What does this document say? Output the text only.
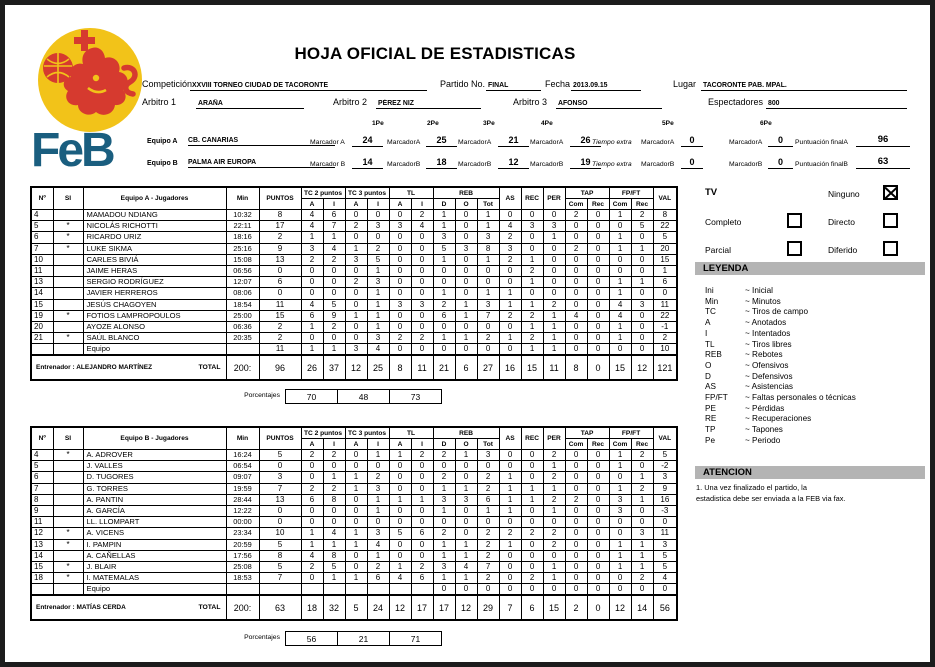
FeB
HOJA OFICIAL DE ESTADISTICAS
TV
LEYENDA
ATENCION
Nº	SI	Equipo A - Jugadores	Min	PUNTOS	TC 2 puntos		TC 3 puntos		TL		REB			AS	REC	PER	TAP		FP/FT		VAL
					A	I	A	I	A	I	D	O	Tot				Com	Rec	Com	Rec	
4		MAMADOU NDIANG	10:32	8	4	6	0	0	0	2	1	0	1	0	0	0	2	0	1	2	8
5	*	NICOLÁS RICHOTTI	22:11	17	4	7	2	3	3	4	1	0	1	4	3	3	0	0	0	5	22
6	*	RICARDO URIZ	18:16	2	1	1	0	0	0	0	3	0	3	2	0	1	0	0	1	0	5
7	*	LUKE SIKMA	25:16	9	3	4	1	2	0	0	5	3	8	3	0	0	2	0	1	1	20
10		CARLES BIVIÁ	15:08	13	2	2	3	5	0	0	1	0	1	2	1	0	0	0	0	0	15
11		JAIME HERAS	06:56	0	0	0	0	1	0	0	0	0	0	0	2	0	0	0	0	0	1
13		SERGIO RODRÍGUEZ	12:07	6	0	0	2	3	0	0	0	0	0	0	1	0	0	0	1	1	6
14		JAVIER HERREROS	08:06	0	0	0	0	1	0	0	1	0	1	1	0	0	0	0	1	0	0
15		JESÚS CHAGOYEN	18:54	11	4	5	0	1	3	3	2	1	3	1	1	2	0	0	4	3	11
19	*	FOTIOS LAMPROPOULOS	25:00	15	6	9	1	1	0	0	6	1	7	2	2	1	4	0	4	0	22
20		AYOZE ALONSO	06:36	2	1	2	0	1	0	0	0	0	0	0	1	1	0	0	1	0	-1
21	*	SAÚL BLANCO	20:35	2	0	0	0	3	2	2	1	1	2	1	2	1	0	0	1	0	2
		Equipo		11	1	1	3	4	0	0	0	0	0	0	1	1	0	0	0	0	10

Entrenador : ALEJANDRO MARTÍNEZ TOTAL			200:	96	26	37	12	25	8	11	21	6	27	16	15	11	8	0	15	12	121
Nº	SI	Equipo B - Jugadores	Min	PUNTOS	TC 2 puntos		TC 3 puntos		TL		REB			AS	REC	PER	TAP		FP/FT		VAL
					A	I	A	I	A	I	D	O	Tot				Com	Rec	Com	Rec	
4	*	A. ADROVER	16:24	5	2	2	0	1	1	2	2	1	3	0	0	2	0	0	1	2	5
5		J. VALLES	06:54	0	0	0	0	0	0	0	0	0	0	0	0	1	0	0	1	0	-2
6		D. TUGORES	09:07	3	0	1	1	2	0	0	2	0	2	1	0	2	0	0	0	1	3
7		G. TORRES	19:59	7	2	2	1	3	0	0	1	1	2	1	1	1	0	0	1	2	9
8		A. PANTIN	28:44	13	6	8	0	1	1	1	3	3	6	1	1	2	2	0	3	1	16
9		A. GARCÍA	12:22	0	0	0	0	1	0	0	1	0	1	1	0	1	0	0	3	0	-3
11		LL. LLOMPART	00:00	0	0	0	0	0	0	0	0	0	0	0	0	0	0	0	0	0	0
12	*	A. VICENS	23:34	10	1	4	1	3	5	6	2	0	2	2	2	2	0	0	0	3	11
13	*	I. PAMPIN	20:59	5	1	1	1	4	0	0	1	1	2	1	0	2	0	0	1	1	3
14		A. CAÑELLAS	17:56	8	4	8	0	1	0	0	1	1	2	0	0	0	0	0	1	1	5
15	*	J. BLAIR	25:08	5	2	5	0	2	1	2	3	4	7	0	0	1	0	0	1	1	5
18	*	I. MATEMALAS	18:53	7	0	1	1	6	4	6	1	1	2	0	2	1	0	0	0	2	4
		Equipo									0	0	0	0	0	0	0	0	0	0	0

Entrenador : MATÍAS CERDA TOTAL			200:	63	18	32	5	24	12	17	17	12	29	7	6	15	2	0	12	14	56
Competición XXVIII TORNEO CIUDAD DE TACORONTE	Partido No. FINAL	Fecha 2013.09.15	Lugar TACORONTE PAB. MPAL.
Arbitro 1	ARAÑA	Arbitro 2 PÉREZ NIZ	Arbitro 3 AFONSO	Espectadores 800
1Pe	2Pe	3Pe	4Pe	5Pe	6Pe
Equipo A CB. CANARIAS	Marcador A	24	MarcadorA	25	MarcadorA	21	MarcadorA	26 Tiempo extra MarcadorA	0	MarcadorA	0	Puntuación finalA	96
Equipo B PALMA AIR EUROPA	Marcador B	14	MarcadorB	18	MarcadorB	12	MarcadorB	19 Tiempo extra MarcadorB	0	MarcadorB	0	Puntuación finalB	63
Porcentajes	70	48	73
Porcentajes	56	21	71
Ninguno
Completo	Directo
Parcial	Diferido
Ini	~ Inicial
Min	~ Minutos
TC	~ Tiros de campo
A	~ Anotados
I	~ Intentados
TL	~ Tiros libres
REB	~ Rebotes
O	~ Ofensivos
D	~ Defensivos
AS	~ Asistencias
FP/FT ~ Faltas personales o técnicas
PE	~ Pérdidas
RE	~ Recuperaciones
TP	~ Tapones
Pe	~ Periodo
1. Una vez finalizado el partido, la
estadistica debe ser enviada a la FEB via fax.
